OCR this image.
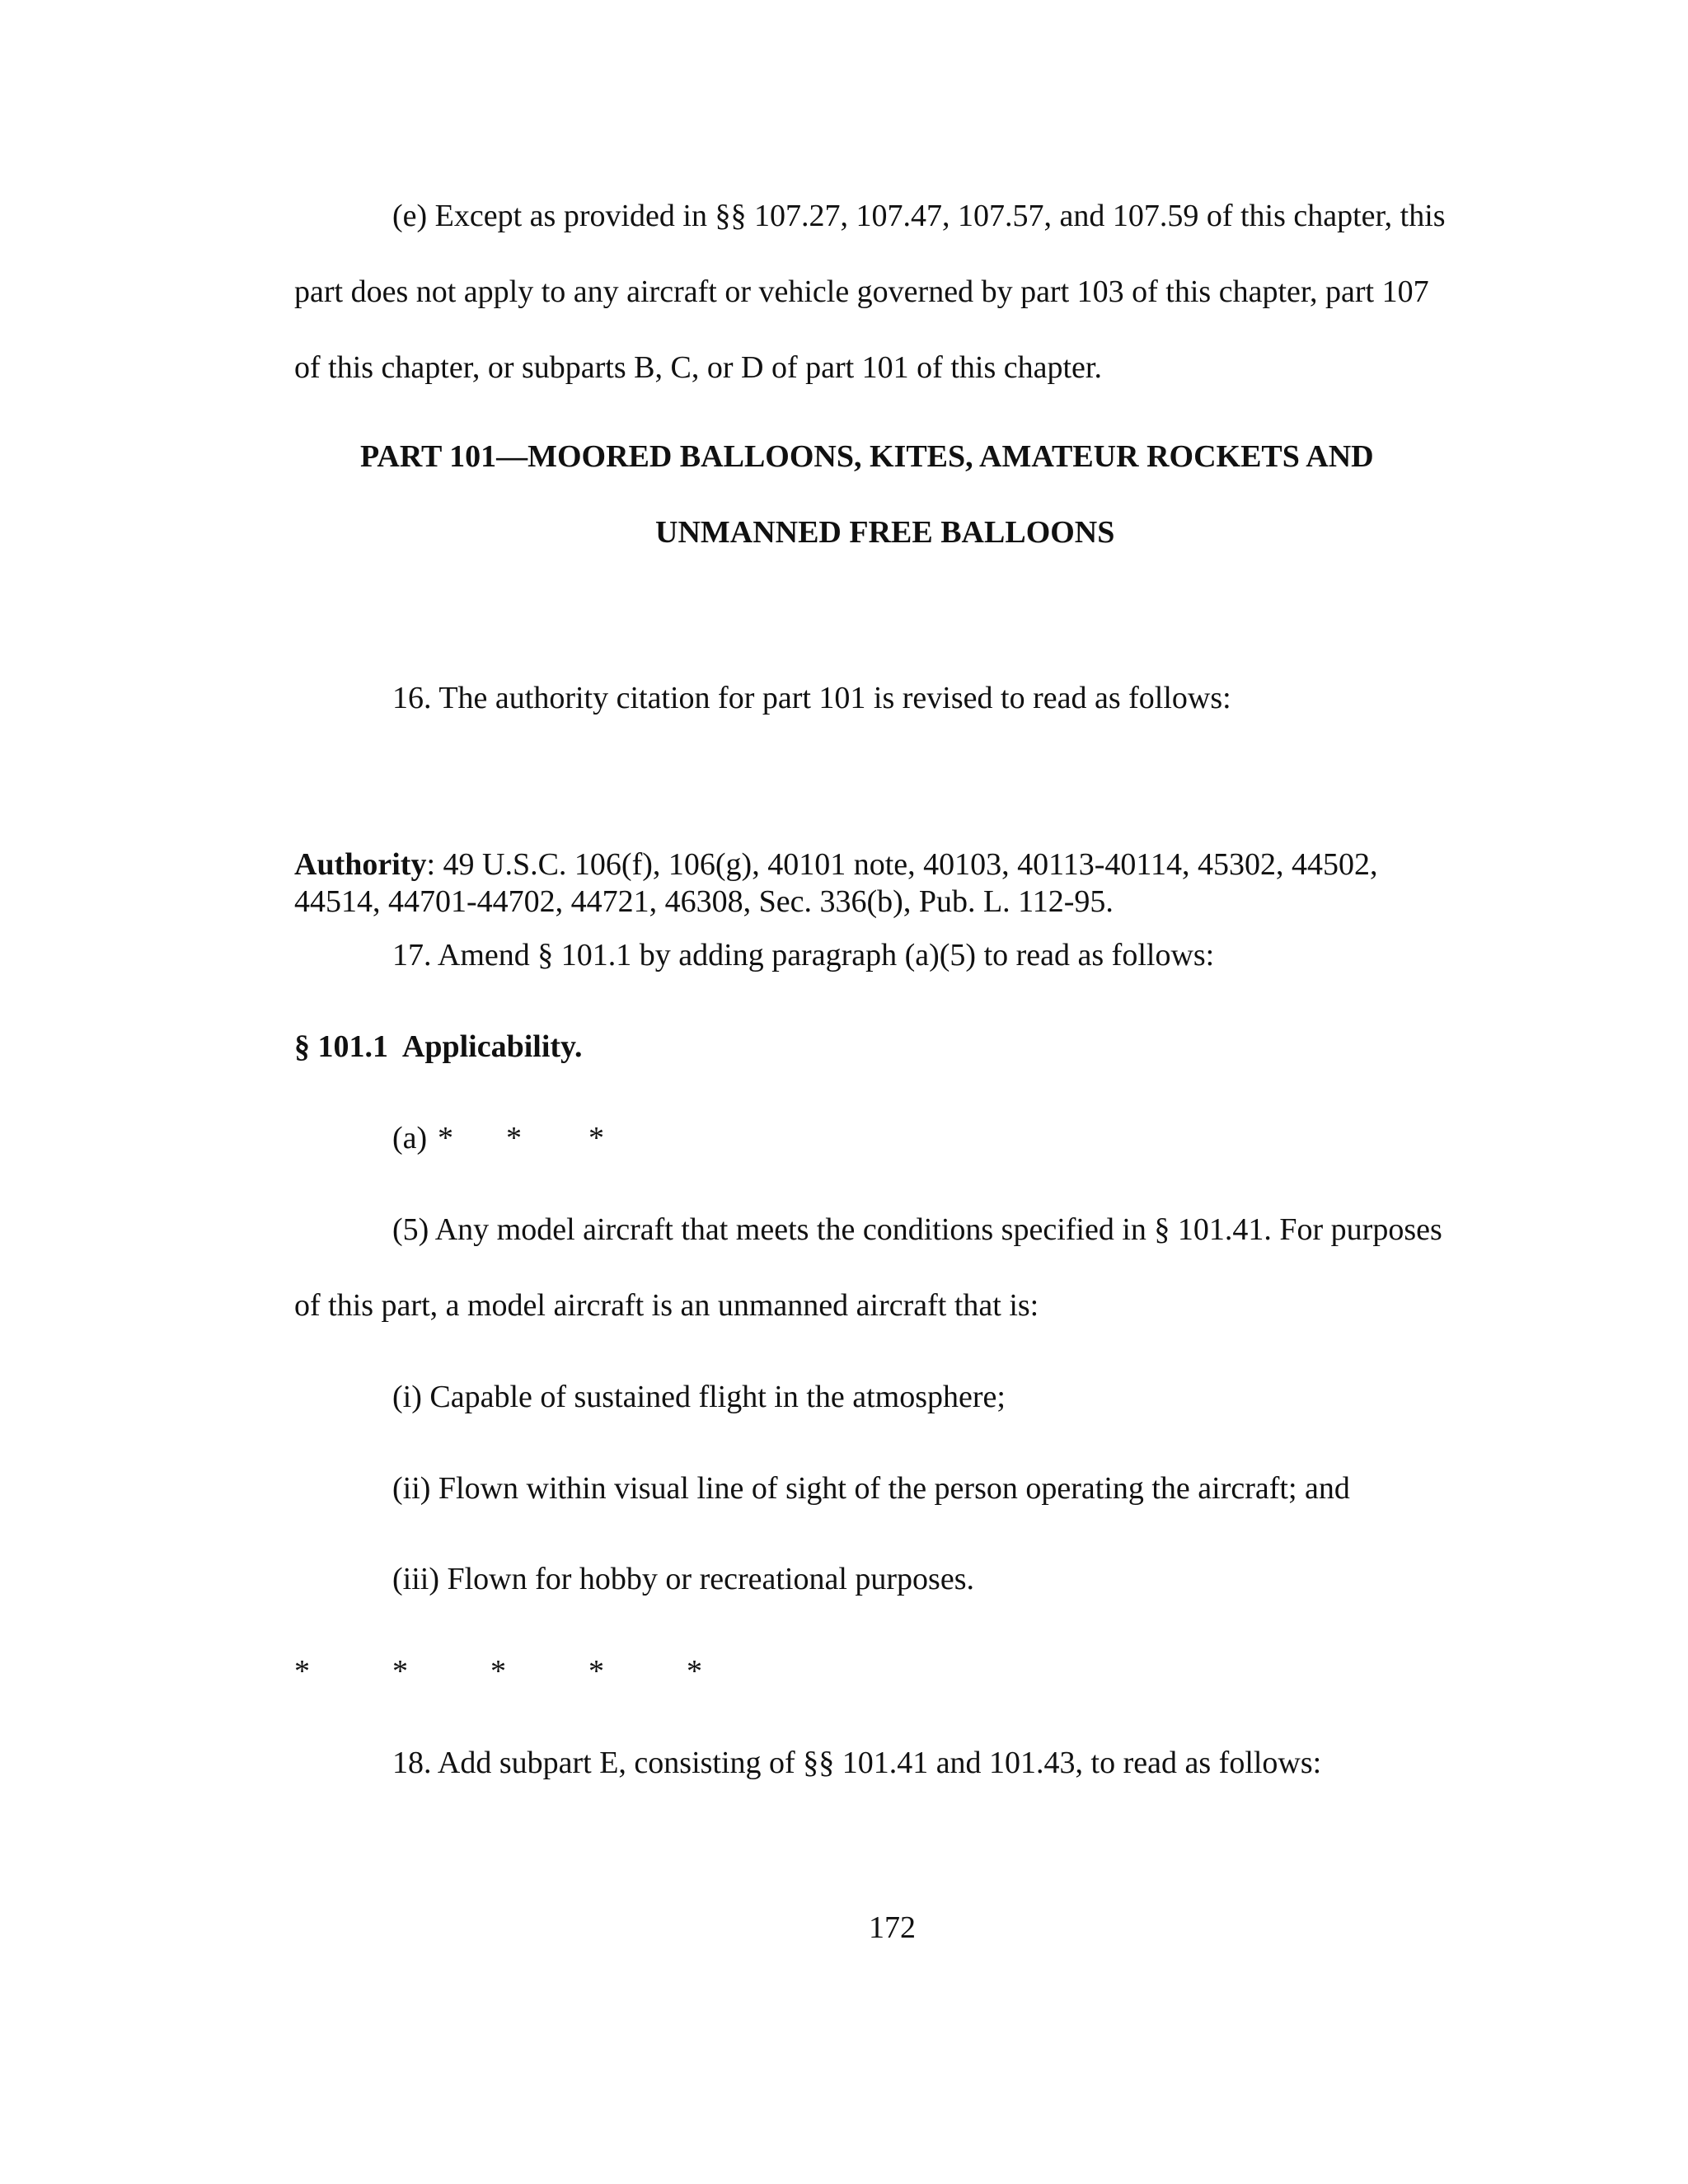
(e) Except as provided in §§ 107.27, 107.47, 107.57, and 107.59 of this chapter, this
part does not apply to any aircraft or vehicle governed by part 103 of this chapter, part 107
of this chapter, or subparts B, C, or D of part 101 of this chapter.
PART 101—MOORED BALLOONS, KITES, AMATEUR ROCKETS AND
UNMANNED FREE BALLOONS
16. The authority citation for part 101 is revised to read as follows:
Authority: 49 U.S.C. 106(f), 106(g), 40101 note, 40103, 40113-40114, 45302, 44502,
44514, 44701-44702, 44721, 46308, Sec. 336(b), Pub. L. 112-95.
17. Amend § 101.1 by adding paragraph (a)(5) to read as follows:
§ 101.1  Applicability.
(a) * * *
(5) Any model aircraft that meets the conditions specified in § 101.41. For purposes
of this part, a model aircraft is an unmanned aircraft that is:
(i) Capable of sustained flight in the atmosphere;
(ii) Flown within visual line of sight of the person operating the aircraft; and
(iii) Flown for hobby or recreational purposes.
*	*	*	*	*
18. Add subpart E, consisting of §§ 101.41 and 101.43, to read as follows:
172
